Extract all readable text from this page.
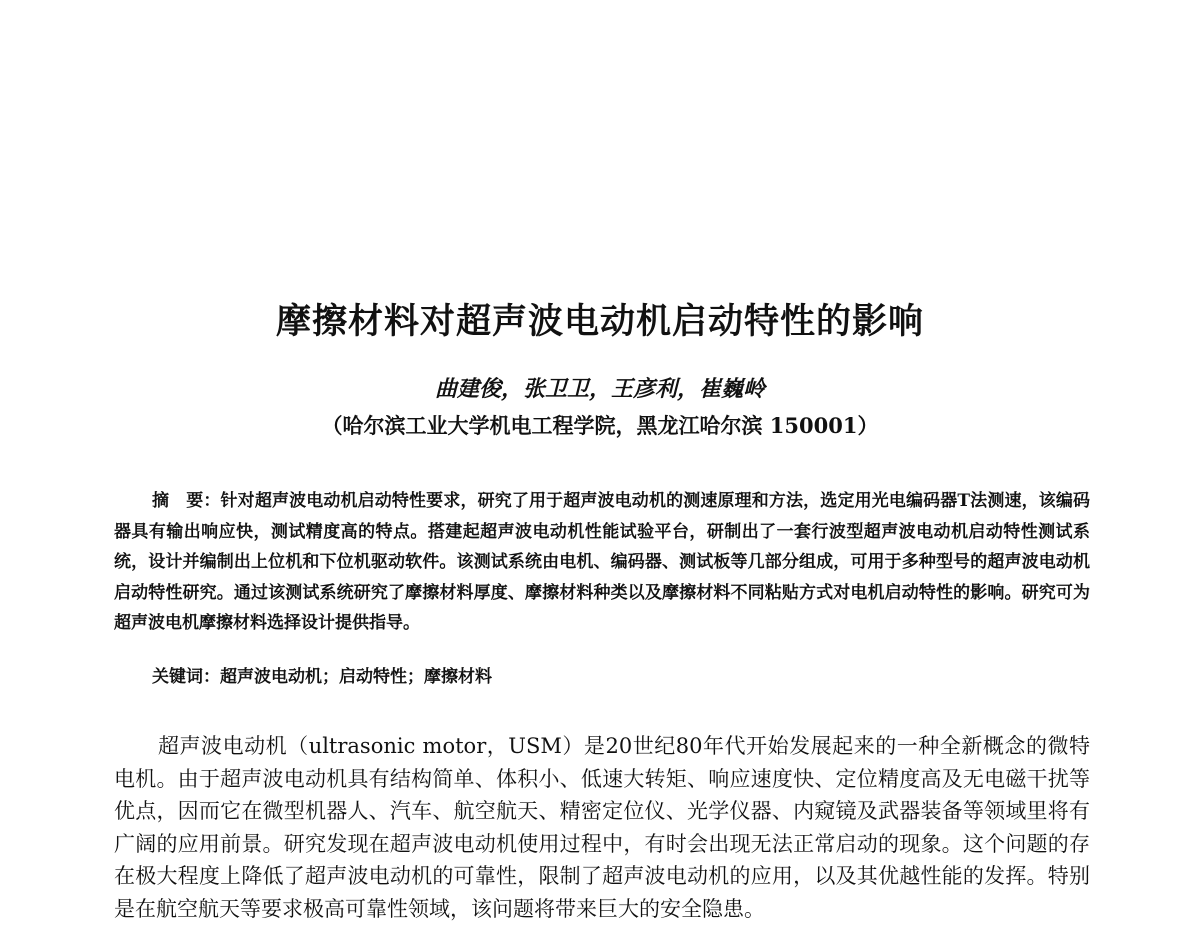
摩擦材料对超声波电动机启动特性的影响
曲建俊，张卫卫，王彦利，崔巍岭
（哈尔滨工业大学机电工程学院，黑龙江哈尔滨 150001）
摘　要：针对超声波电动机启动特性要求，研究了用于超声波电动机的测速原理和方法，选定用光电编码器T法测速，该编码器具有输出响应快，测试精度高的特点。搭建起超声波电动机性能试验平台，研制出了一套行波型超声波电动机启动特性测试系统，设计并编制出上位机和下位机驱动软件。该测试系统由电机、编码器、测试板等几部分组成，可用于多种型号的超声波电动机启动特性研究。通过该测试系统研究了摩擦材料厚度、摩擦材料种类以及摩擦材料不同粘贴方式对电机启动特性的影响。研究可为超声波电机摩擦材料选择设计提供指导。
关键词：超声波电动机；启动特性；摩擦材料
超声波电动机（ultrasonic motor，USM）是20世纪80年代开始发展起来的一种全新概念的微特电机。由于超声波电动机具有结构简单、体积小、低速大转矩、响应速度快、定位精度高及无电磁干扰等优点，因而它在微型机器人、汽车、航空航天、精密定位仪、光学仪器、内窥镜及武器装备等领域里将有广阔的应用前景。研究发现在超声波电动机使用过程中，有时会出现无法正常启动的现象。这个问题的存在极大程度上降低了超声波电动机的可靠性，限制了超声波电动机的应用，以及其优越性能的发挥。特别是在航空航天等要求极高可靠性领域，该问题将带来巨大的安全隐患。
